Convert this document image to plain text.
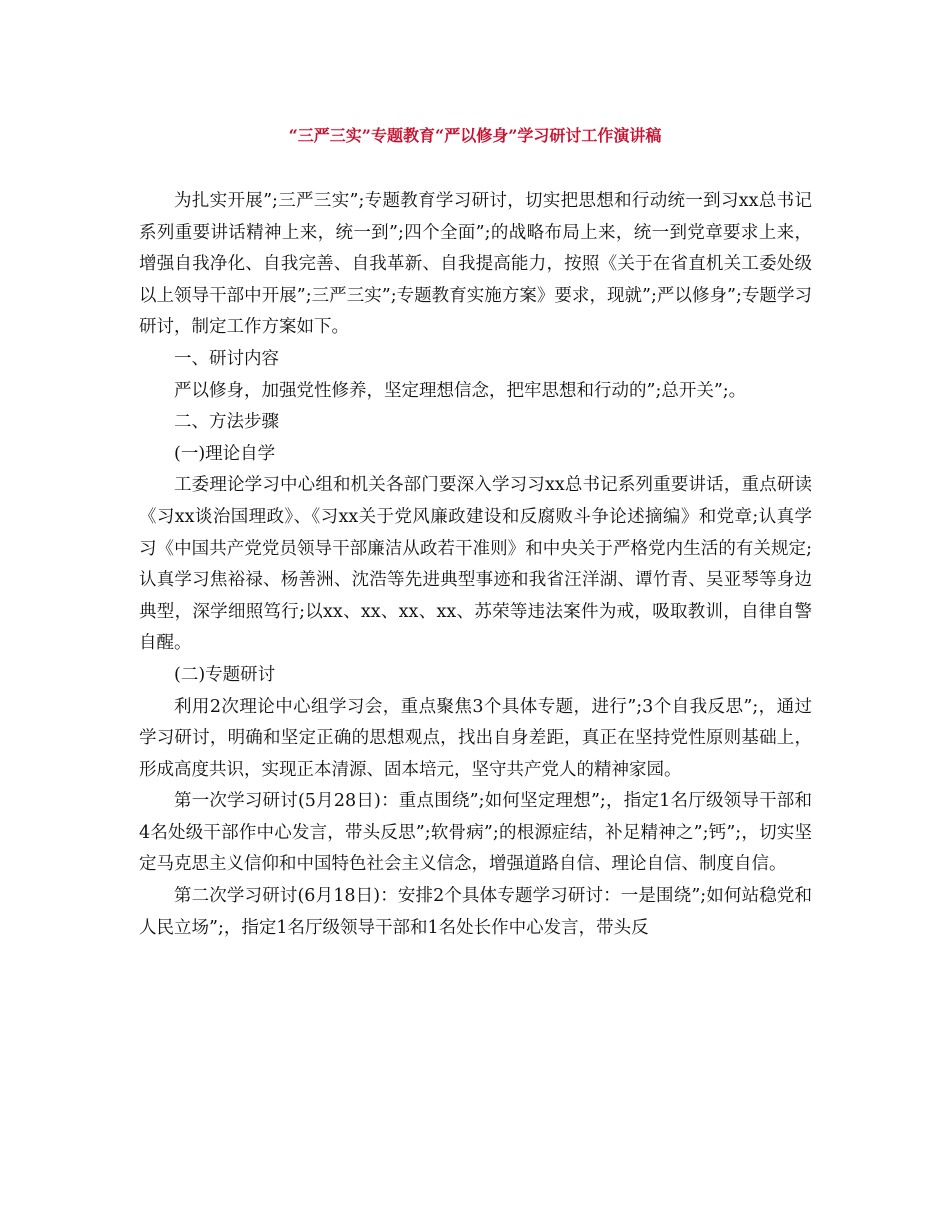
“三严三实”专题教育“严以修身”学习研讨工作演讲稿

为扎实开展”;三严三实”;专题教育学习研讨，切实把思想和行动统一到习xx总书记系列重要讲话精神上来，统一到”;四个全面”;的战略布局上来，统一到党章要求上来，增强自我净化、自我完善、自我革新、自我提高能力，按照《关于在省直机关工委处级以上领导干部中开展”;三严三实”;专题教育实施方案》要求，现就”;严以修身”;专题学习研讨，制定工作方案如下。

一、研讨内容

严以修身，加强党性修养，坚定理想信念，把牢思想和行动的”;总开关”;。

二、方法步骤

(一)理论自学

工委理论学习中心组和机关各部门要深入学习习xx总书记系列重要讲话，重点研读《习xx谈治国理政》、《习xx关于党风廉政建设和反腐败斗争论述摘编》和党章;认真学习《中国共产党党员领导干部廉洁从政若干准则》和中央关于严格党内生活的有关规定;认真学习焦裕禄、杨善洲、沈浩等先进典型事迹和我省汪洋湖、谭竹青、吴亚琴等身边典型，深学细照笃行;以xx、xx、xx、xx、苏荣等违法案件为戒，吸取教训，自律自警自醒。

(二)专题研讨

利用2次理论中心组学习会，重点聚焦3个具体专题，进行”;3个自我反思”;，通过学习研讨，明确和坚定正确的思想观点，找出自身差距，真正在坚持党性原则基础上，形成高度共识，实现正本清源、固本培元，坚守共产党人的精神家园。

第一次学习研讨(5月28日)：重点围绕”;如何坚定理想”;，指定1名厅级领导干部和4名处级干部作中心发言，带头反思”;软骨病”;的根源症结，补足精神之”;钙”;，切实坚定马克思主义信仰和中国特色社会主义信念，增强道路自信、理论自信、制度自信。

第二次学习研讨(6月18日)：安排2个具体专题学习研讨：一是围绕”;如何站稳党和人民立场”;，指定1名厅级领导干部和1名处长作中心发言，带头反
